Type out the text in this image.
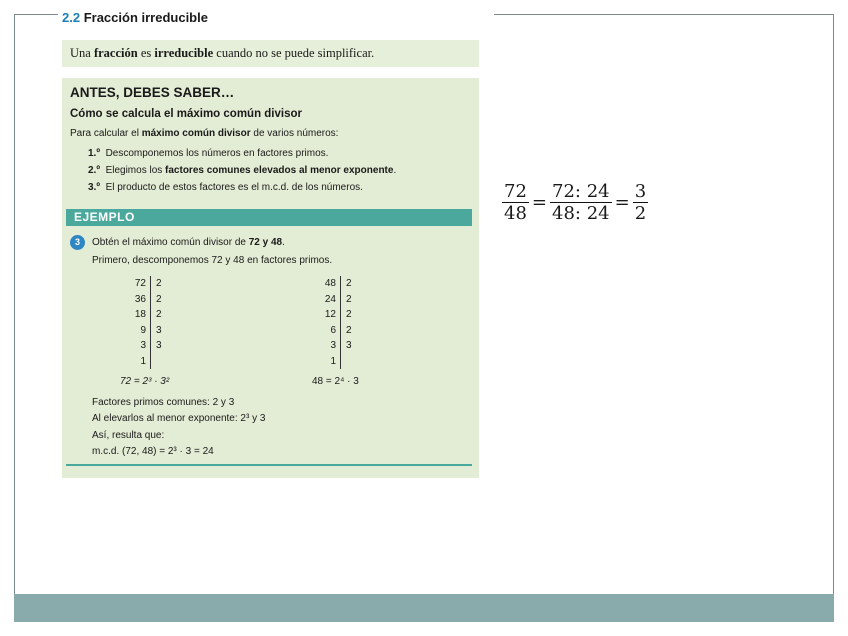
2.2 Fracción irreducible
Una fracción es irreducible cuando no se puede simplificar.
ANTES, DEBES SABER…
Cómo se calcula el máximo común divisor
Para calcular el máximo común divisor de varios números:
1.º Descomponemos los números en factores primos.
2.º Elegimos los factores comunes elevados al menor exponente.
3.º El producto de estos factores es el m.c.d. de los números.
EJEMPLO
3	Obtén el máximo común divisor de 72 y 48.
Primero, descomponemos 72 y 48 en factores primos.
72
36
18
9
3
1
2
2
2
3
3
72 = 2³ · 3²
48
24
12
6
3
1
2
2
2
2
3
48 = 2⁴ · 3
Factores primos comunes: 2 y 3
Al elevarlos al menor exponente: 2³ y 3
Así, resulta que:
m.c.d. (72, 48) = 2³ · 3 = 24
$\frac{72}{48} = \frac{72: 24}{48: 24} = \frac{3}{2}$
